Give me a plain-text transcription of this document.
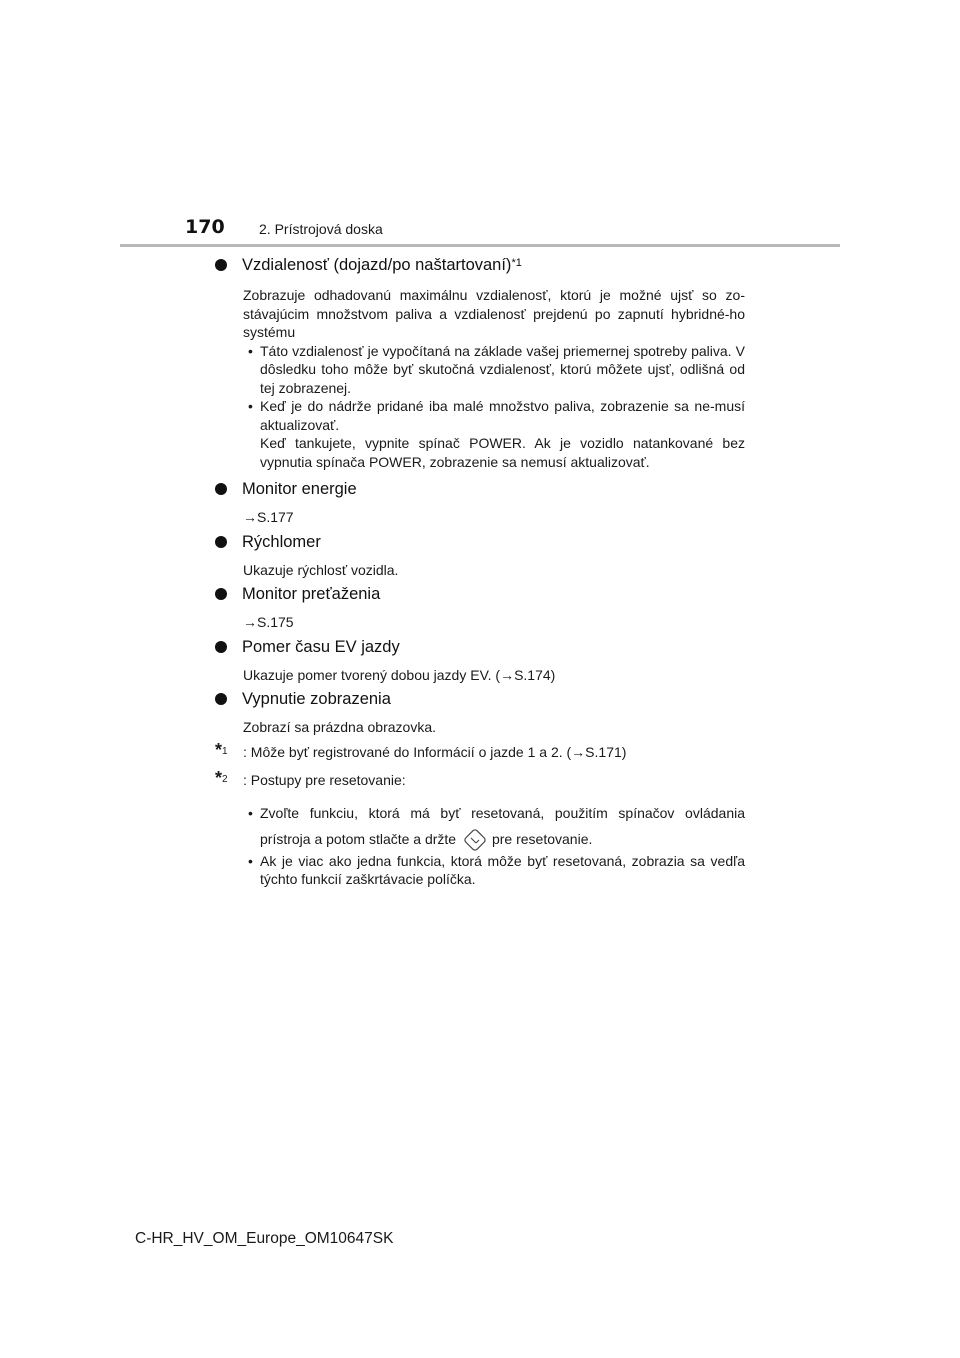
170 2. Prístrojová doska
Vzdialenosť (dojazd/po naštartovaní)$^{*1}$
Zobrazuje odhadovanú maximálnu vzdialenosť, ktorú je možné ujsť so zo-stávajúcim množstvom paliva a vzdialenosť prejdenú po zapnutí hybridné-ho systému
• Táto vzdialenosť je vypočítaná na základe vašej priemernej spotreby paliva. V dôsledku toho môže byť skutočná vzdialenosť, ktorú môžete ujsť, odlišná od tej zobrazenej.
• Keď je do nádrže pridané iba malé množstvo paliva, zobrazenie sa ne-musí aktualizovať.
Keď tankujete, vypnite spínač POWER. Ak je vozidlo natankované bez vypnutia spínača POWER, zobrazenie sa nemusí aktualizovať.
Monitor energie
→S.177
Rýchlomer
Ukazuje rýchlosť vozidla.
Monitor preťaženia
→S.175
Pomer času EV jazdy
Ukazuje pomer tvorený dobou jazdy EV. (→S.174)
Vypnutie zobrazenia
Zobrazí sa prázdna obrazovka.
*$^1$ : Môže byť registrované do Informácií o jazde 1 a 2. (→S.171)
*$^2$ : Postupy pre resetovanie:
• Zvoľte funkciu, ktorá má byť resetovaná, použitím spínačov ovládania prístroja a potom stlačte a držte	pre resetovanie.
• Ak je viac ako jedna funkcia, ktorá môže byť resetovaná, zobrazia sa vedľa týchto funkcií zaškrtávacie políčka.
C-HR_HV_OM_Europe_OM10647SK
